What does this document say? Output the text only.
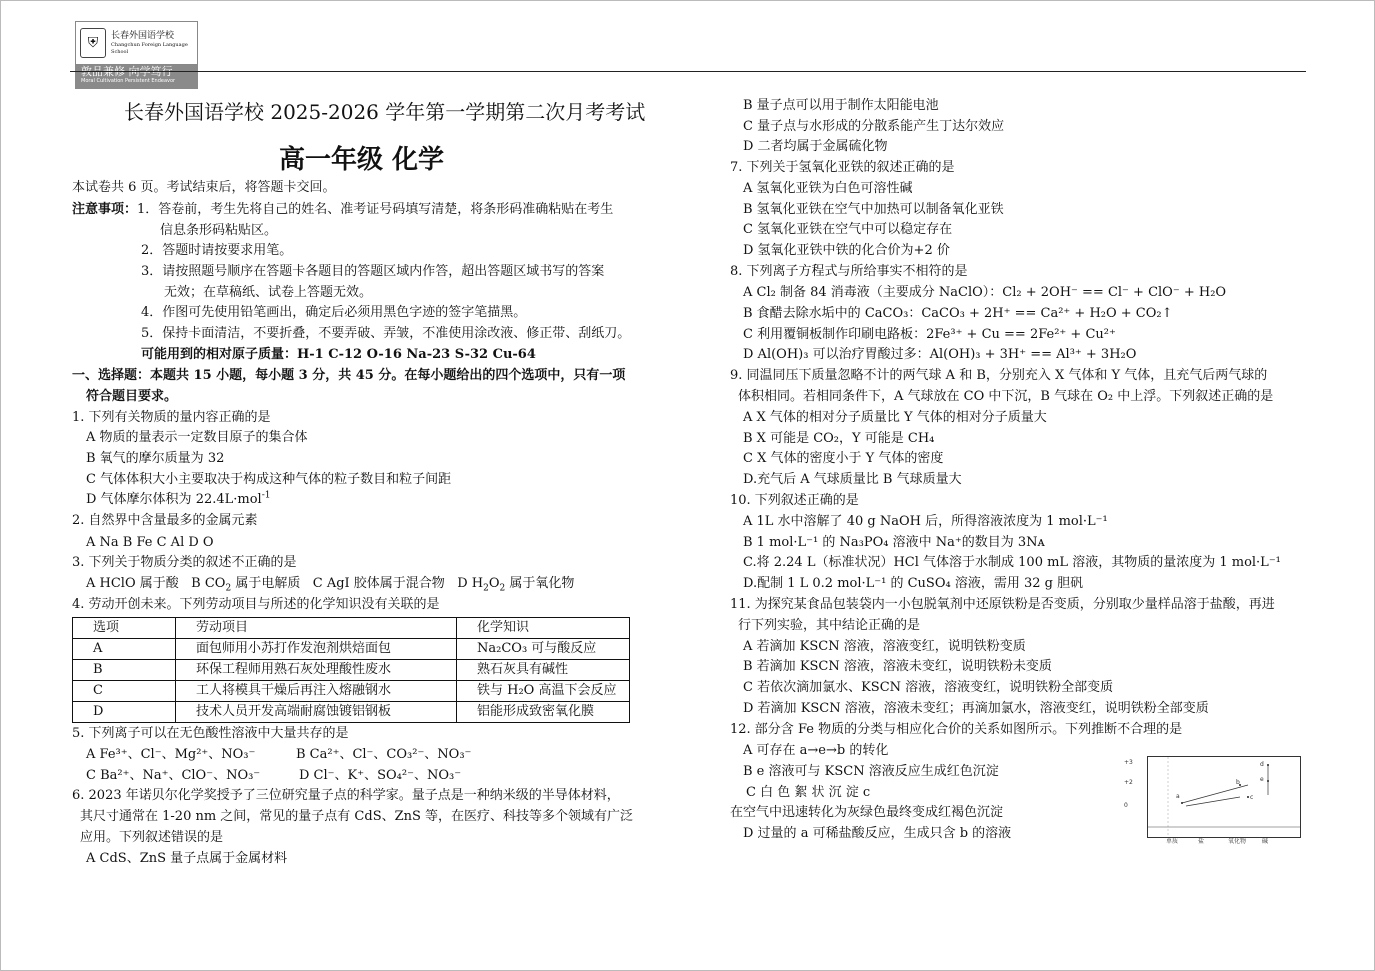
⛨	长春外国语学校
Changchun Foreign Language School
敦品兼修 向学笃行
Moral Cultivation Persistent Endeavor
长春外国语学校 2025-2026 学年第一学期第二次月考考试
高一年级 化学
本试卷共 6 页。考试结束后，将答题卡交回。
注意事项：1．答卷前，考生先将自己的姓名、准考证号码填写清楚，将条形码准确粘贴在考生
信息条形码粘贴区。
2．答题时请按要求用笔。
3．请按照题号顺序在答题卡各题目的答题区域内作答，超出答题区域书写的答案
无效；在草稿纸、试卷上答题无效。
4．作图可先使用铅笔画出，确定后必须用黑色字迹的签字笔描黑。
5．保持卡面清洁，不要折叠，不要弄破、弄皱，不准使用涂改液、修正带、刮纸刀。
可能用到的相对原子质量：H-1 C-12 O-16 Na-23 S-32 Cu-64
一、选择题：本题共 15 小题，每小题 3 分，共 45 分。在每小题给出的四个选项中，只有一项
符合题目要求。
1. 下列有关物质的量内容正确的是
A 物质的量表示一定数目原子的集合体
B 氧气的摩尔质量为 32
C 气体体积大小主要取决于构成这种气体的粒子数目和粒子间距
D 气体摩尔体积为 22.4L·mol$^{-1}$
2. 自然界中含量最多的金属元素
A Na B Fe C Al D O
3. 下列关于物质分类的叙述不正确的是
A HClO 属于酸 B $CO_2$ 属于电解质 C AgI 胶体属于混合物 D $H_2O_2$ 属于氧化物
4. 劳动开创未来。下列劳动项目与所述的化学知识没有关联的是
选项	劳动项目	化学知识
A	面包师用小苏打作发泡剂烘焙面包	Na₂CO₃ 可与酸反应
B	环保工程师用熟石灰处理酸性废水	熟石灰具有碱性
C	工人将模具干燥后再注入熔融钢水	铁与 H₂O 高温下会反应
D	技术人员开发高端耐腐蚀镀铝钢板	铝能形成致密氧化膜
5. 下列离子可以在无色酸性溶液中大量共存的是
A Fe³⁺、Cl⁻、Mg²⁺、NO₃⁻	B Ca²⁺、Cl⁻、CO₃²⁻、NO₃⁻
C Ba²⁺、Na⁺、ClO⁻、NO₃⁻	D Cl⁻、K⁺、SO₄²⁻、NO₃⁻
6. 2023 年诺贝尔化学奖授予了三位研究量子点的科学家。量子点是一种纳米级的半导体材料，
其尺寸通常在 1-20 nm 之间，常见的量子点有 CdS、ZnS 等，在医疗、科技等多个领域有广泛
应用。下列叙述错误的是
A CdS、ZnS 量子点属于金属材料
B 量子点可以用于制作太阳能电池
C 量子点与水形成的分散系能产生丁达尔效应
D 二者均属于金属硫化物
7. 下列关于氢氧化亚铁的叙述正确的是
A 氢氧化亚铁为白色可溶性碱
B 氢氧化亚铁在空气中加热可以制备氧化亚铁
C 氢氧化亚铁在空气中可以稳定存在
D 氢氧化亚铁中铁的化合价为+2 价
8. 下列离子方程式与所给事实不相符的是
A Cl₂ 制备 84 消毒液（主要成分 NaClO）：Cl₂ + 2OH⁻ == Cl⁻ + ClO⁻ + H₂O
B 食醋去除水垢中的 CaCO₃：CaCO₃ + 2H⁺ == Ca²⁺ + H₂O + CO₂↑
C 利用覆铜板制作印刷电路板：2Fe³⁺ + Cu == 2Fe²⁺ + Cu²⁺
D Al(OH)₃ 可以治疗胃酸过多：Al(OH)₃ + 3H⁺ == Al³⁺ + 3H₂O
9. 同温同压下质量忽略不计的两气球 A 和 B，分别充入 X 气体和 Y 气体，且充气后两气球的
体积相同。若相同条件下，A 气球放在 CO 中下沉，B 气球在 O₂ 中上浮。下列叙述正确的是
A X 气体的相对分子质量比 Y 气体的相对分子质量大
B X 可能是 CO₂，Y 可能是 CH₄
C X 气体的密度小于 Y 气体的密度
D.充气后 A 气球质量比 B 气球质量大
10. 下列叙述正确的是
A 1L 水中溶解了 40 g NaOH 后，所得溶液浓度为 1 mol·L⁻¹
B 1 mol·L⁻¹ 的 Na₃PO₄ 溶液中 Na⁺的数目为 3Nᴀ
C.将 2.24 L（标准状况）HCl 气体溶于水制成 100 mL 溶液，其物质的量浓度为 1 mol·L⁻¹
D.配制 1 L 0.2 mol·L⁻¹ 的 CuSO₄ 溶液，需用 32 g 胆矾
11. 为探究某食品包装袋内一小包脱氧剂中还原铁粉是否变质，分别取少量样品溶于盐酸，再进
行下列实验，其中结论正确的是
A 若滴加 KSCN 溶液，溶液变红，说明铁粉变质
B 若滴加 KSCN 溶液，溶液未变红，说明铁粉未变质
C 若依次滴加氯水、KSCN 溶液，溶液变红，说明铁粉全部变质
D 若滴加 KSCN 溶液，溶液未变红；再滴加氯水，溶液变红，说明铁粉全部变质
12. 部分含 Fe 物质的分类与相应化合价的关系如图所示。下列推断不合理的是
A 可存在 a→e→b 的转化
B e 溶液可与 KSCN 溶液反应生成红色沉淀
C 白 色 絮 状 沉 淀 c
在空气中迅速转化为灰绿色最终变成红褐色沉淀
D 过量的 a 可稀盐酸反应，生成只含 b 的溶液
+3
+2
0
单质	盐	氧化物	碱
a
b
c
d
e
